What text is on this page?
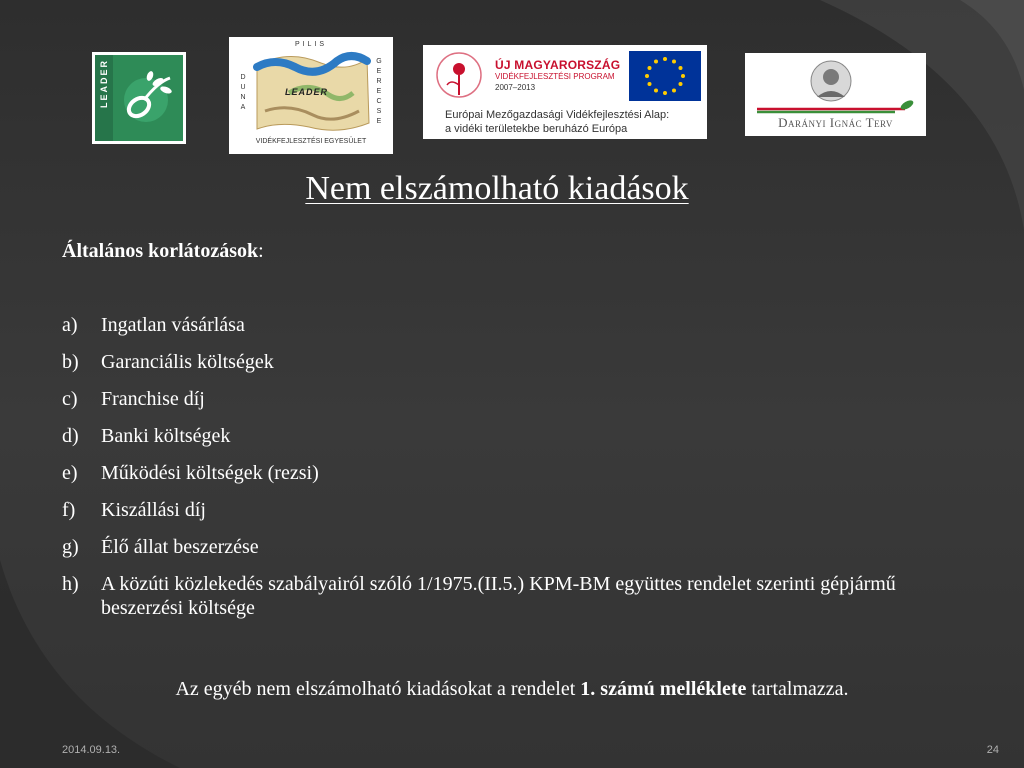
PILIS
LEADER
D
U
N
A
G
E
R
E
C
S
E
VIDÉKFEJLESZTÉSI EGYESÜLET
ÚJ MAGYARORSZÁG
VIDÉKFEJLESZTÉSI PROGRAM
2007–2013
Európai Mezőgazdasági Vidékfejlesztési Alap:
a vidéki területekbe beruházó Európa	Darányi Ignác Terv
Nem elszámolható kiadások
Általános korlátozások:
a) Ingatlan vásárlása
b) Garanciális költségek
c) Franchise díj
d) Banki költségek
e) Működési költségek (rezsi)
f) Kiszállási díj
g) Élő állat beszerzése
h) A közúti közlekedés szabályairól szóló 1/1975.(II.5.) KPM-BM együttes rendelet szerinti gépjármű beszerzési költsége
Az egyéb nem elszámolható kiadásokat a rendelet 1. számú melléklete tartalmazza.
2014.09.13.	24
